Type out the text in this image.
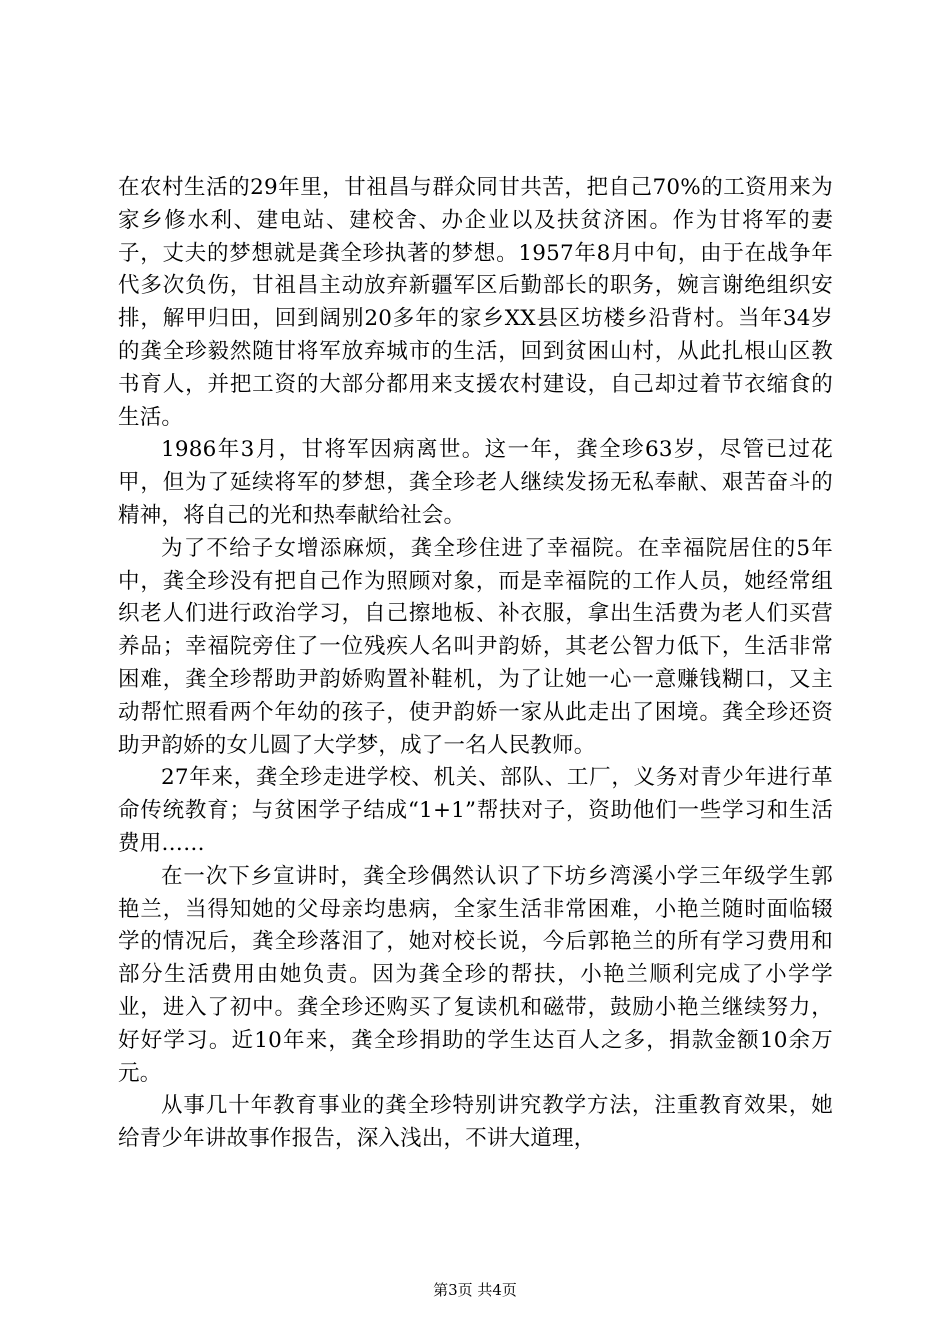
在农村生活的29年里，甘祖昌与群众同甘共苦，把自己70%的工资用来为家乡修水利、建电站、建校舍、办企业以及扶贫济困。作为甘将军的妻子，丈夫的梦想就是龚全珍执著的梦想。1957年8月中旬，由于在战争年代多次负伤，甘祖昌主动放弃新疆军区后勤部长的职务，婉言谢绝组织安排，解甲归田，回到阔别20多年的家乡XX县区坊楼乡沿背村。当年34岁的龚全珍毅然随甘将军放弃城市的生活，回到贫困山村，从此扎根山区教书育人，并把工资的大部分都用来支援农村建设，自己却过着节衣缩食的生活。

1986年3月，甘将军因病离世。这一年，龚全珍63岁，尽管已过花甲，但为了延续将军的梦想，龚全珍老人继续发扬无私奉献、艰苦奋斗的精神，将自己的光和热奉献给社会。

为了不给子女增添麻烦，龚全珍住进了幸福院。在幸福院居住的5年中，龚全珍没有把自己作为照顾对象，而是幸福院的工作人员，她经常组织老人们进行政治学习，自己擦地板、补衣服，拿出生活费为老人们买营养品；幸福院旁住了一位残疾人名叫尹韵娇，其老公智力低下，生活非常困难，龚全珍帮助尹韵娇购置补鞋机，为了让她一心一意赚钱糊口，又主动帮忙照看两个年幼的孩子，使尹韵娇一家从此走出了困境。龚全珍还资助尹韵娇的女儿圆了大学梦，成了一名人民教师。

27年来，龚全珍走进学校、机关、部队、工厂，义务对青少年进行革命传统教育；与贫困学子结成“1+1”帮扶对子，资助他们一些学习和生活费用……

在一次下乡宣讲时，龚全珍偶然认识了下坊乡湾溪小学三年级学生郭艳兰，当得知她的父母亲均患病，全家生活非常困难，小艳兰随时面临辍学的情况后，龚全珍落泪了，她对校长说，今后郭艳兰的所有学习费用和部分生活费用由她负责。因为龚全珍的帮扶，小艳兰顺利完成了小学学业，进入了初中。龚全珍还购买了复读机和磁带，鼓励小艳兰继续努力，好好学习。近10年来，龚全珍捐助的学生达百人之多，捐款金额10余万元。

从事几十年教育事业的龚全珍特别讲究教学方法，注重教育效果，她给青少年讲故事作报告，深入浅出，不讲大道理，

第3页 共4页
